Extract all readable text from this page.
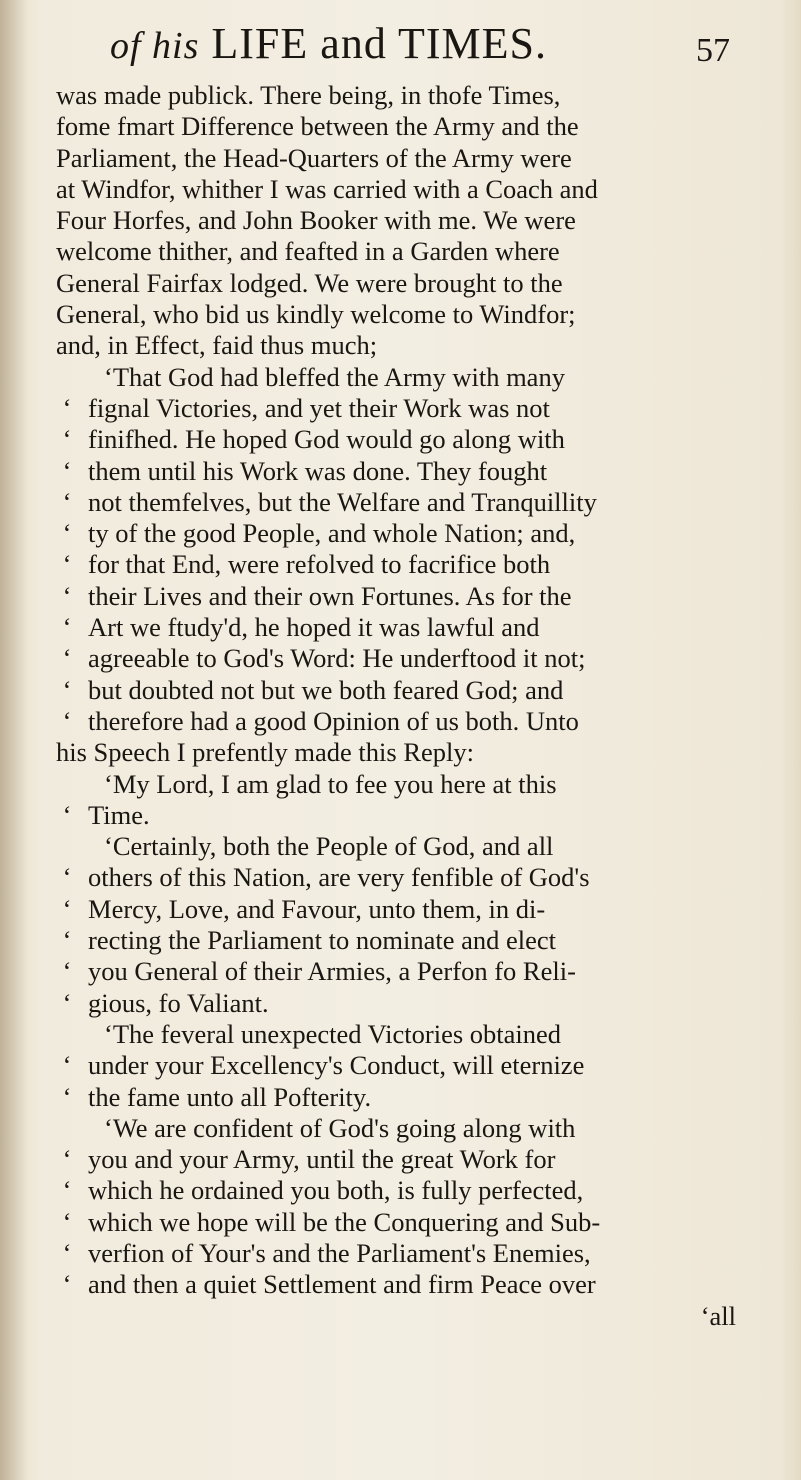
of his LIFE and TIMES.	57
was made publick. There being, in thofe Times,
fome fmart Difference between the Army and the
Parliament, the Head-Quarters of the Army were
at Windfor, whither I was carried with a Coach and
Four Horfes, and John Booker with me. We were
welcome thither, and feafted in a Garden where
General Fairfax lodged. We were brought to the
General, who bid us kindly welcome to Windfor;
and, in Effect, faid thus much;
‘That God had bleffed the Army with many
‘ fignal Victories, and yet their Work was not
‘ finifhed. He hoped God would go along with
‘ them until his Work was done. They fought
‘ not themfelves, but the Welfare and Tranquillity
‘ ty of the good People, and whole Nation; and,
‘ for that End, were refolved to facrifice both
‘ their Lives and their own Fortunes. As for the
‘ Art we ftudy'd, he hoped it was lawful and
‘ agreeable to God's Word: He underftood it not;
‘ but doubted not but we both feared God; and
‘ therefore had a good Opinion of us both. Unto
his Speech I prefently made this Reply:
‘My Lord, I am glad to fee you here at this
‘ Time.
‘Certainly, both the People of God, and all
‘ others of this Nation, are very fenfible of God's
‘ Mercy, Love, and Favour, unto them, in di-
‘ recting the Parliament to nominate and elect
‘ you General of their Armies, a Perfon fo Reli-
‘ gious, fo Valiant.
‘The feveral unexpected Victories obtained
‘ under your Excellency's Conduct, will eternize
‘ the fame unto all Pofterity.
‘We are confident of God's going along with
‘ you and your Army, until the great Work for
‘ which he ordained you both, is fully perfected,
‘ which we hope will be the Conquering and Sub-
‘ verfion of Your's and the Parliament's Enemies,
‘ and then a quiet Settlement and firm Peace over
‘all
